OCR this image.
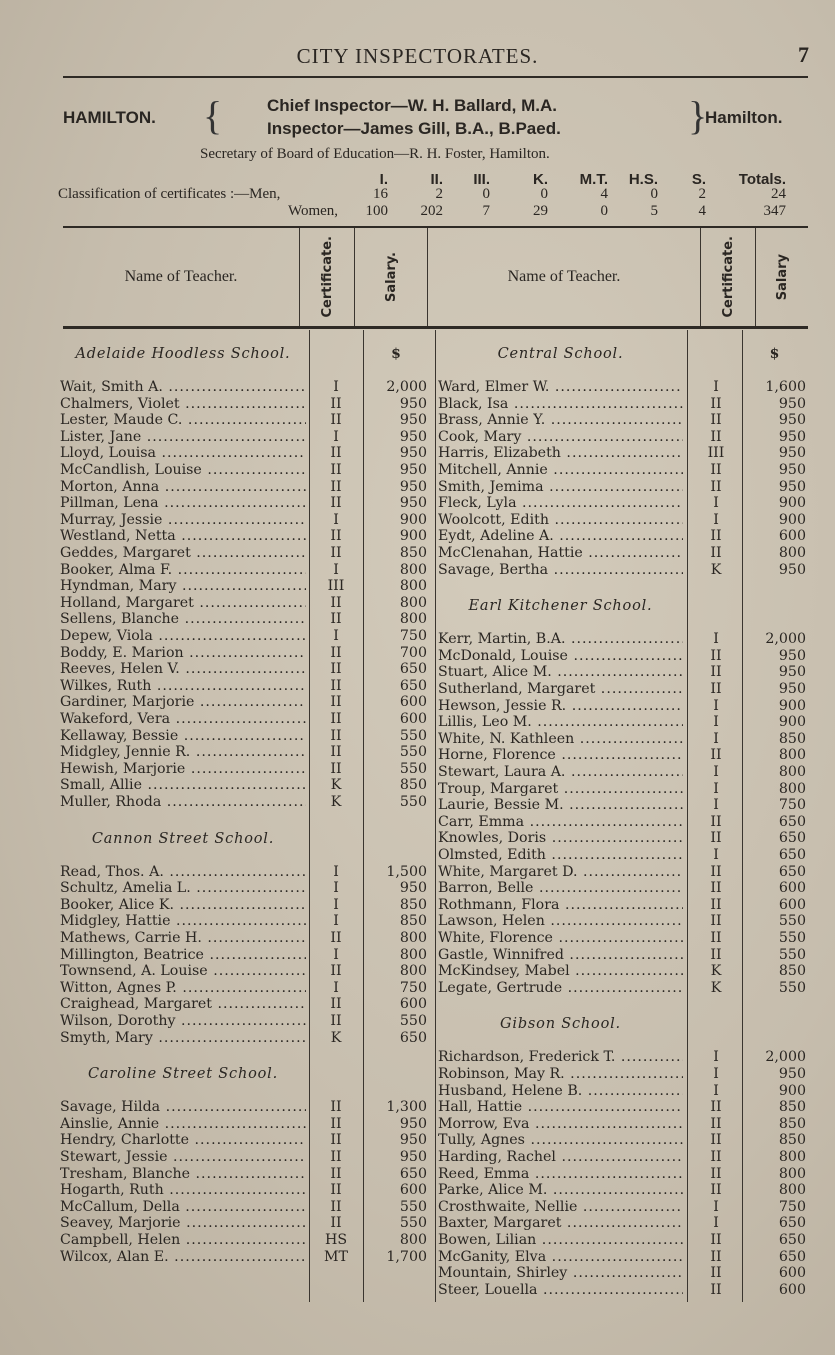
CITY INSPECTORATES.	7
HAMILTON. {	Chief Inspector—W. H. Ballard, M.A.
Inspector—James Gill, B.A., B.Paed.	}
Hamilton.
Secretary of Board of Education—R. H. Foster, Hamilton.
I.	II. III.	K. M.T. H.S. S. Totals.
Classification of certificates :—Men,	16	2	0	0	4	0	2	24
Women, 100 202	7	29	0	5	4	347
Name of Teacher.	Certificate.	Salary.	Name of Teacher.	Certificate.	Salary
Adelaide Hoodless School.	$
Wait, Smith A. .....	I	2,000
Chalmers, Violet .....	II	950
Lester, Maude C. .....	II	950
Lister, Jane .....	I	950
Lloyd, Louisa .....	II	950
McCandlish, Louise .....	II	950
Morton, Anna .....	II	950
Pillman, Lena .....	II	950
Murray, Jessie .....	I	900
Westland, Netta .....	II	900
Geddes, Margaret .....	II	850
Booker, Alma F. .....	I	800
Hyndman, Mary .....	III	800
Holland, Margaret .....	II	800
Sellens, Blanche .....	II	800
Depew, Viola .....	I	750
Boddy, E. Marion .....	II	700
Reeves, Helen V. .....	II	650
Wilkes, Ruth .....	II	650
Gardiner, Marjorie .....	II	600
Wakeford, Vera .....	II	600
Kellaway, Bessie .....	II	550
Midgley, Jennie R. .....	II	550
Hewish, Marjorie .....	II	550
Small, Allie .....	K	850
Muller, Rhoda .....	K	550
Cannon Street School.
Read, Thos. A. .....	I	1,500
Schultz, Amelia L. .....	I	950
Booker, Alice K. .....	I	850
Midgley, Hattie .....	I	850
Mathews, Carrie H. .....	II	800
Millington, Beatrice .....	I	800
Townsend, A. Louise .....	II	800
Witton, Agnes P. .....	I	750
Craighead, Margaret .....	II	600
Wilson, Dorothy .....	II	550
Smyth, Mary .....	K	650
Caroline Street School.
Savage, Hilda .....	II	1,300
Ainslie, Annie .....	II	950
Hendry, Charlotte .....	II	950
Stewart, Jessie .....	II	950
Tresham, Blanche .....	II	650
Hogarth, Ruth .....	II	600
McCallum, Della .....	II	550
Seavey, Marjorie .....	II	550
Campbell, Helen .....	HS	800
Wilcox, Alan E. .....	MT	1,700
Central School.	$
Ward, Elmer W. .....	I	1,600
Black, Isa .....	II	950
Brass, Annie Y. .....	II	950
Cook, Mary .....	II	950
Harris, Elizabeth .....	III	950
Mitchell, Annie .....	II	950
Smith, Jemima .....	II	950
Fleck, Lyla .....	I	900
Woolcott, Edith .....	I	900
Eydt, Adeline A. .....	II	600
McClenahan, Hattie .....	II	800
Savage, Bertha .....	K	950
Earl Kitchener School.
Kerr, Martin, B.A. .....	I	2,000
McDonald, Louise .....	II	950
Stuart, Alice M. .....	II	950
Sutherland, Margaret .....	II	950
Hewson, Jessie R. .....	I	900
Lillis, Leo M. .....	I	900
White, N. Kathleen .....	I	850
Horne, Florence .....	II	800
Stewart, Laura A. .....	I	800
Troup, Margaret .....	I	800
Laurie, Bessie M. .....	I	750
Carr, Emma .....	II	650
Knowles, Doris .....	II	650
Olmsted, Edith .....	I	650
White, Margaret D. .....	II	650
Barron, Belle .....	II	600
Rothmann, Flora .....	II	600
Lawson, Helen .....	II	550
White, Florence .....	II	550
Gastle, Winnifred .....	II	550
McKindsey, Mabel .....	K	850
Legate, Gertrude .....	K	550
Gibson School.
Richardson, Frederick T. .....	I	2,000
Robinson, May R. .....	I	950
Husband, Helene B. .....	I	900
Hall, Hattie .....	II	850
Morrow, Eva .....	II	850
Tully, Agnes .....	II	850
Harding, Rachel .....	II	800
Reed, Emma .....	II	800
Parke, Alice M. .....	II	800
Crosthwaite, Nellie .....	I	750
Baxter, Margaret .....	I	650
Bowen, Lilian .....	II	650
McGanity, Elva .....	II	650
Mountain, Shirley .....	II	600
Steer, Louella .....	II	600
